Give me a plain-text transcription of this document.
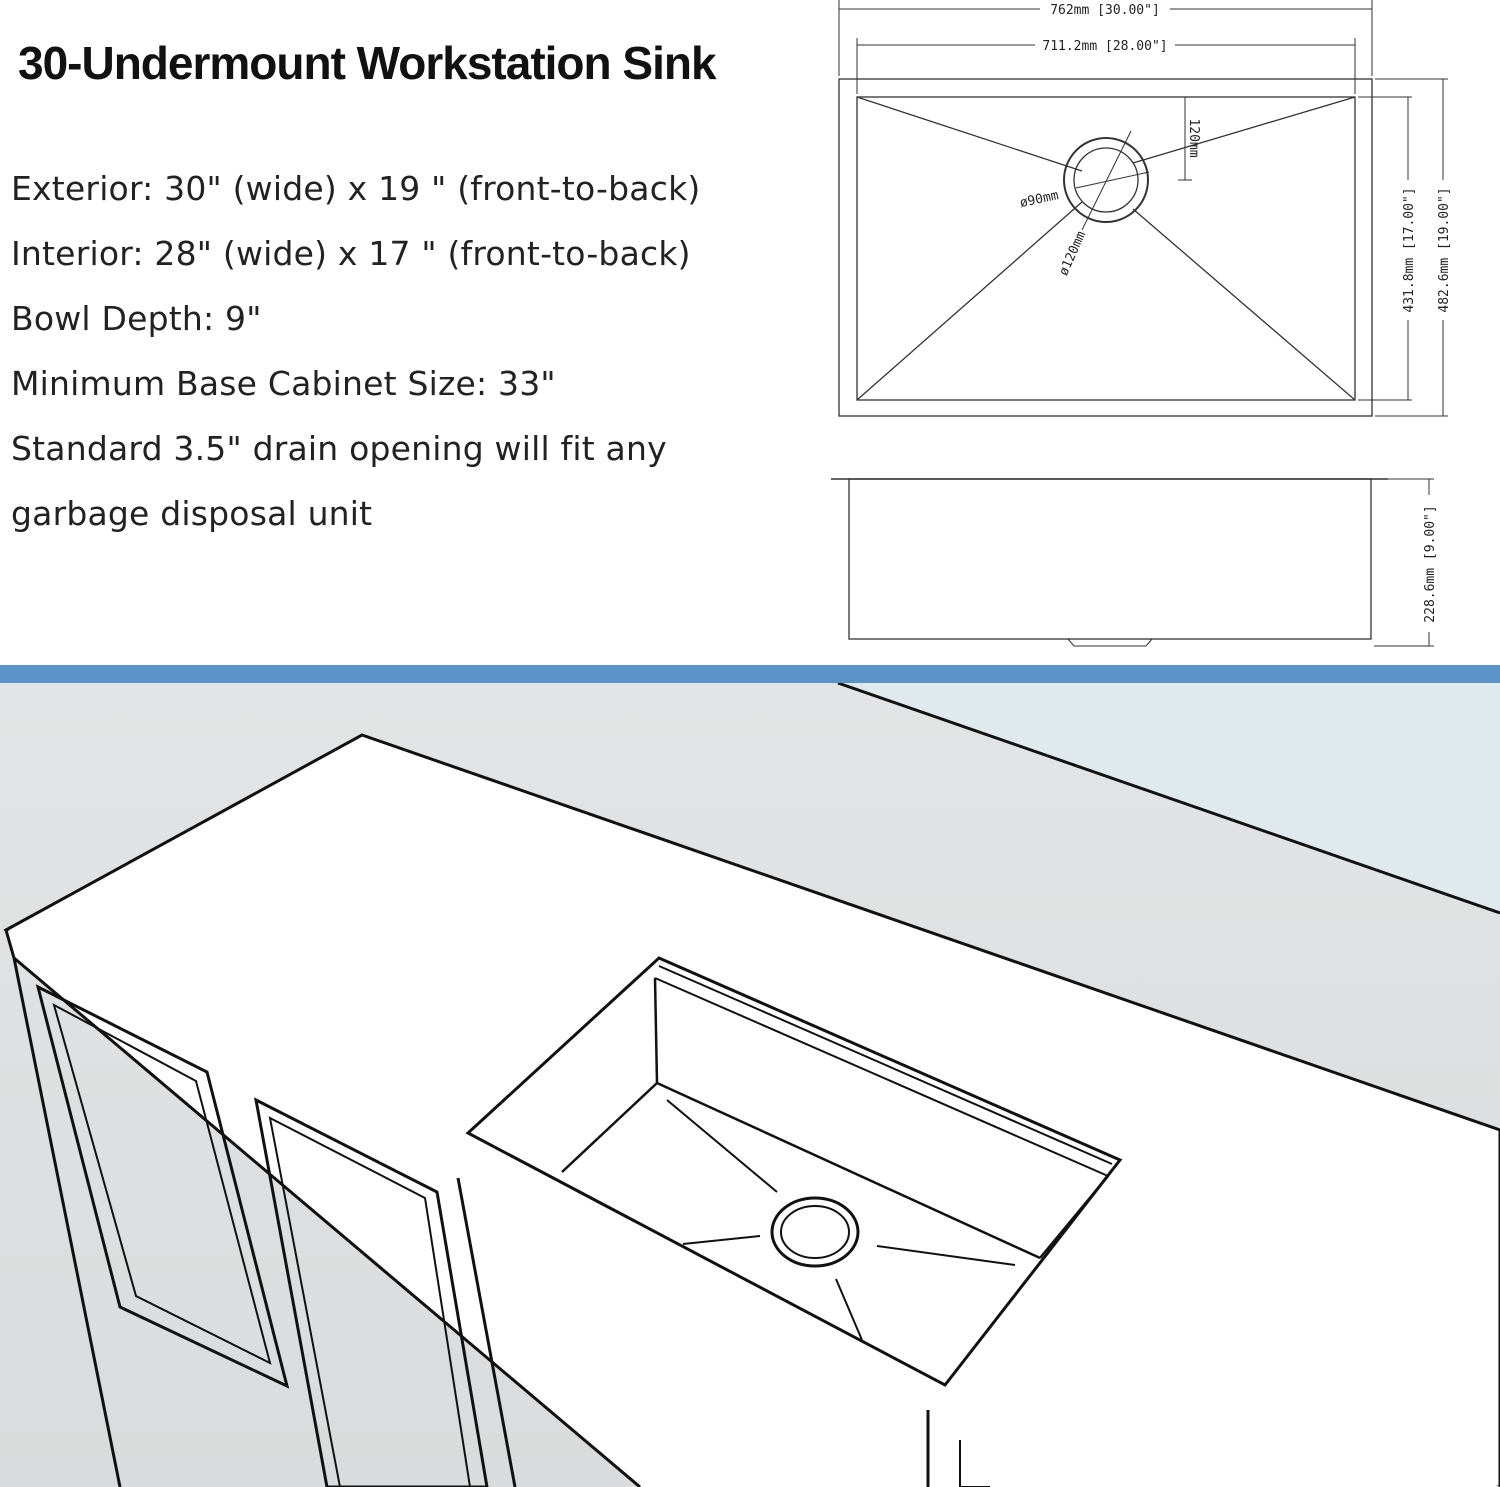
30-Undermount Workstation Sink

Exterior: 30" (wide) x 19 " (front-to-back)

Interior: 28" (wide) x 17 " (front-to-back)

Bowl Depth: 9"

Minimum Base Cabinet Size: 33"

Standard 3.5" drain opening will fit any

garbage disposal unit

762mm [30.00"]
711.2mm [28.00"]
431.8mm [17.00"] 482.6mm [19.00"]
120mm
ø90mm
ø120mm
228.6mm [9.00"]
